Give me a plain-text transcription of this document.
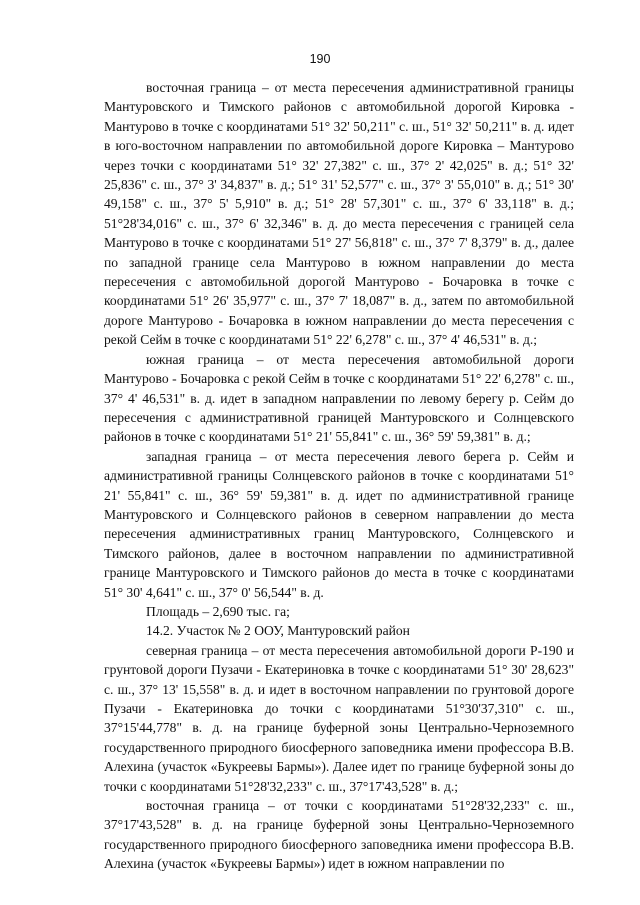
190

восточная граница – от места пересечения административной границы Мантуровского и Тимского районов с автомобильной дорогой Кировка - Мантурово в точке с координатами 51° 32' 50,211" с. ш., 51° 32' 50,211" в. д. идет в юго-восточном направлении по автомобильной дороге Кировка – Мантурово через точки с координатами 51° 32' 27,382" с. ш., 37° 2' 42,025" в. д.; 51° 32' 25,836" с. ш., 37° 3' 34,837" в. д.; 51° 31' 52,577" с. ш., 37° 3' 55,010" в. д.; 51° 30' 49,158" с. ш., 37° 5' 5,910" в. д.; 51° 28' 57,301" с. ш., 37° 6' 33,118" в. д.; 51°28'34,016" с. ш., 37° 6' 32,346" в. д. до места пересечения с границей села Мантурово в точке с координатами 51° 27' 56,818" с. ш., 37° 7' 8,379" в. д., далее по западной границе села Мантурово в южном направлении до места пересечения с автомобильной дорогой Мантурово - Бочаровка в точке с координатами 51° 26' 35,977" с. ш., 37° 7' 18,087" в. д., затем по автомобильной дороге Мантурово - Бочаровка в южном направлении до места пересечения с рекой Сейм в точке с координатами 51° 22' 6,278" с. ш., 37° 4' 46,531" в. д.;

южная граница – от места пересечения автомобильной дороги Мантурово - Бочаровка с рекой Сейм в точке с координатами 51° 22' 6,278" с. ш., 37° 4' 46,531" в. д. идет в западном направлении по левому берегу р. Сейм до пересечения с административной границей Мантуровского и Солнцевского районов в точке с координатами 51° 21' 55,841" с. ш., 36° 59' 59,381" в. д.;

западная граница – от места пересечения левого берега р. Сейм и административной границы Солнцевского районов в точке с координатами 51° 21' 55,841" с. ш., 36° 59' 59,381" в. д. идет по административной границе Мантуровского и Солнцевского районов в северном направлении до места пересечения административных границ Мантуровского, Солнцевского и Тимского районов, далее в восточном направлении по административной границе Мантуровского и Тимского районов до места в точке с координатами 51° 30' 4,641" с. ш., 37° 0' 56,544" в. д.

Площадь – 2,690 тыс. га;

14.2. Участок № 2 ООУ, Мантуровский район

северная граница – от места пересечения автомобильной дороги Р-190 и грунтовой дороги Пузачи - Екатериновка в точке с координатами 51° 30' 28,623" с. ш., 37° 13' 15,558" в. д. и идет в восточном направлении по грунтовой дороге Пузачи - Екатериновка до точки с координатами 51°30'37,310" с. ш., 37°15'44,778" в. д. на границе буферной зоны Центрально-Черноземного государственного природного биосферного заповедника имени профессора В.В. Алехина (участок «Букреевы Бармы»). Далее идет по границе буферной зоны до точки с координатами 51°28'32,233" с. ш., 37°17'43,528" в. д.;

восточная граница – от точки с координатами 51°28'32,233" с. ш., 37°17'43,528" в. д. на границе буферной зоны Центрально-Черноземного государственного природного биосферного заповедника имени профессора В.В. Алехина (участок «Букреевы Бармы») идет в южном направлении по
